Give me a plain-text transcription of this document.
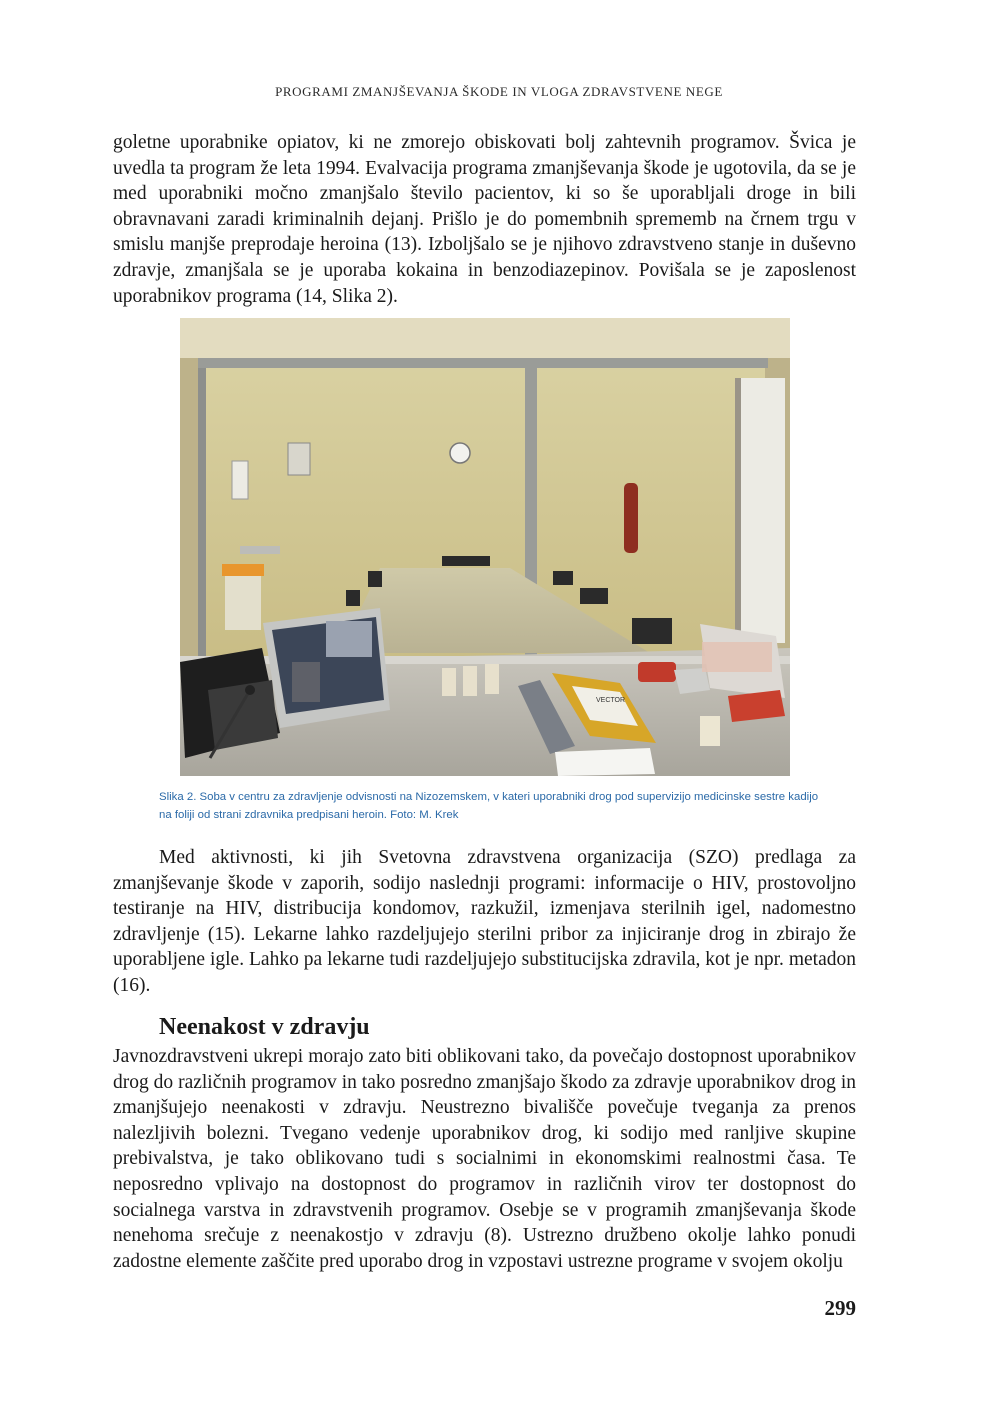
PROGRAMI ZMANJŠEVANJA ŠKODE IN VLOGA ZDRAVSTVENE NEGE

goletne uporabnike opiatov, ki ne zmorejo obiskovati bolj zahtevnih programov. Švica je uvedla ta program že leta 1994. Evalvacija programa zmanjševanja škode je ugotovila, da se je med uporabniki močno zmanjšalo število pacientov, ki so še uporabljali droge in bili obravnavani zaradi kriminalnih dejanj. Prišlo je do pomembnih sprememb na črnem trgu v smislu manjše preprodaje heroina (13). Izboljšalo se je njihovo zdravstveno stanje in duševno zdravje, zmanjšala se je uporaba kokaina in benzodiazepinov. Povišala se je zaposlenost uporabnikov programa (14, Slika 2).

VECTOR
Slika 2. Soba v centru za zdravljenje odvisnosti na Nizozemskem, v kateri uporabniki drog pod supervizijo medicinske sestre kadijo na foliji od strani zdravnika predpisani heroin. Foto: M. Krek

Med aktivnosti, ki jih Svetovna zdravstvena organizacija (SZO) predlaga za zmanjševanje škode v zaporih, sodijo naslednji programi: informacije o HIV, prostovoljno testiranje na HIV, distribucija kondomov, razkužil, izmenjava sterilnih igel, nadomestno zdravljenje (15). Lekarne lahko razdeljujejo sterilni pribor za injiciranje drog in zbirajo že uporabljene igle. Lahko pa lekarne tudi razdeljujejo substitucijska zdravila, kot je npr. metadon (16).

Neenakost v zdravju

Javnozdravstveni ukrepi morajo zato biti oblikovani tako, da povečajo dostopnost uporabnikov drog do različnih programov in tako posredno zmanjšajo škodo za zdravje uporabnikov drog in zmanjšujejo neenakosti v zdravju. Neustrezno bivališče povečuje tveganja za prenos nalezljivih bolezni. Tvegano vedenje uporabnikov drog, ki sodijo med ranljive skupine prebivalstva, je tako oblikovano tudi s socialnimi in ekonomskimi realnostmi časa. Te neposredno vplivajo na dostopnost do programov in različnih virov ter dostopnost do socialnega varstva in zdravstvenih programov. Osebje se v programih zmanjševanja škode nenehoma srečuje z neenakostjo v zdravju (8). Ustrezno družbeno okolje lahko ponudi zadostne elemente zaščite pred uporabo drog in vzpostavi ustrezne programe v svojem okolju

299
